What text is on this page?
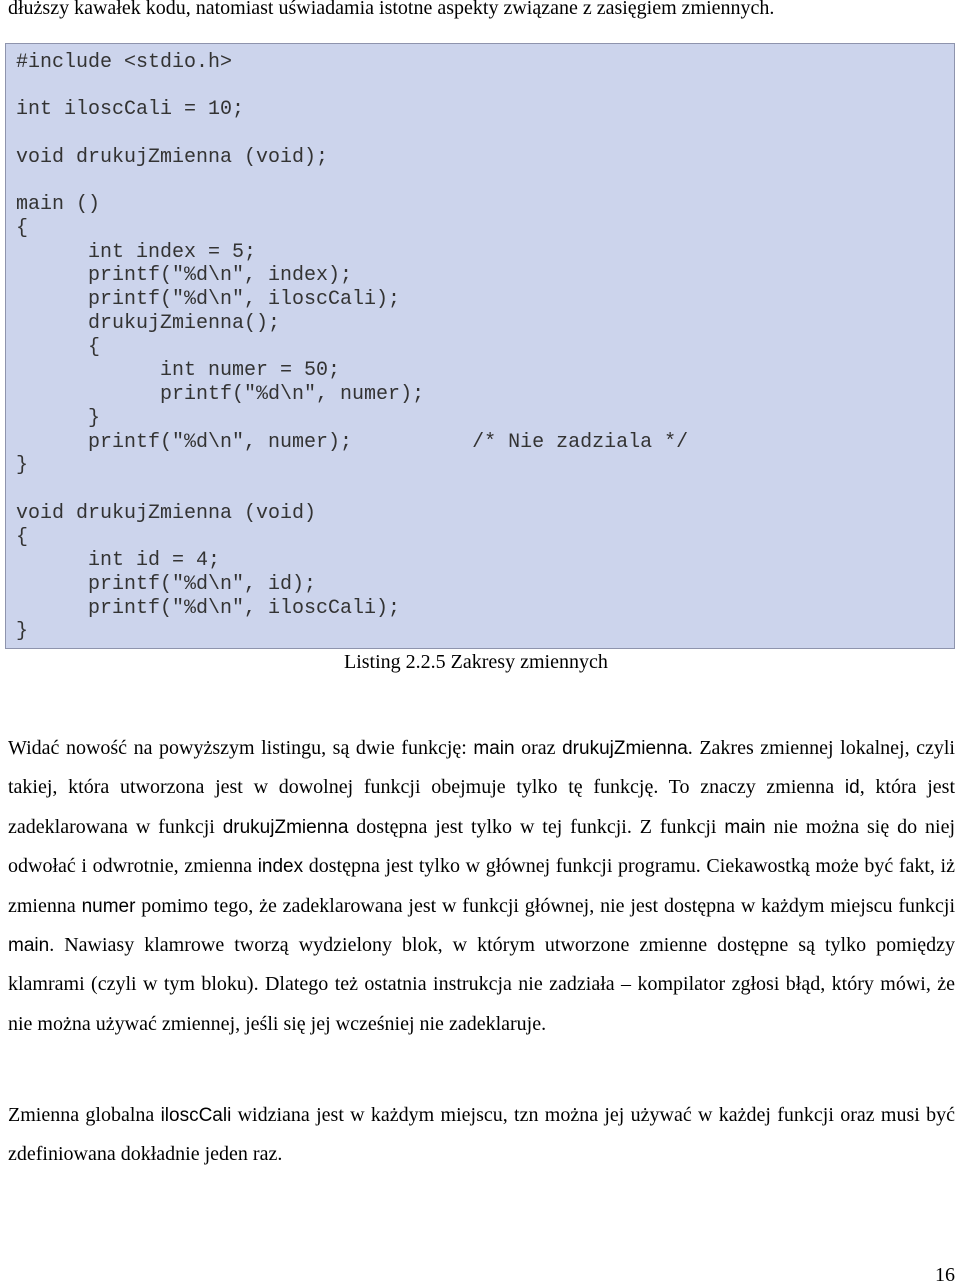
dłuższy kawałek kodu, natomiast uświadamia istotne aspekty związane z zasięgiem zmiennych.
#include <stdio.h>
int iloscCali = 10;
void drukujZmienna (void);
main ()
{
int index = 5;
printf("%d\n", index);
printf("%d\n", iloscCali);
drukujZmienna();
{
int numer = 50;
printf("%d\n", numer);
}
printf("%d\n", numer);          /* Nie zadziala */
}
void drukujZmienna (void)
{
int id = 4;
printf("%d\n", id);
printf("%d\n", iloscCali);
}
Listing 2.2.5 Zakresy zmiennych
Widać nowość na powyższym listingu, są dwie funkcję: main oraz drukujZmienna. Zakres zmiennej lokalnej, czyli takiej, która utworzona jest w dowolnej funkcji obejmuje tylko tę funkcję. To znaczy zmienna id, która jest zadeklarowana w funkcji drukujZmienna dostępna jest tylko w tej funkcji. Z funkcji main nie można się do niej odwołać i odwrotnie, zmienna index dostępna jest tylko w głównej funkcji programu. Ciekawostką może być fakt, iż zmienna numer pomimo tego, że zadeklarowana jest w funkcji głównej, nie jest dostępna w każdym miejscu funkcji main. Nawiasy klamrowe tworzą wydzielony blok, w którym utworzone zmienne dostępne są tylko pomiędzy klamrami (czyli w tym bloku). Dlatego też ostatnia instrukcja nie zadziała – kompilator zgłosi błąd, który mówi, że nie można używać zmiennej, jeśli się jej wcześniej nie zadeklaruje.
Zmienna globalna iloscCali widziana jest w każdym miejscu, tzn można jej używać w każdej funkcji oraz musi być zdefiniowana dokładnie jeden raz.
16
